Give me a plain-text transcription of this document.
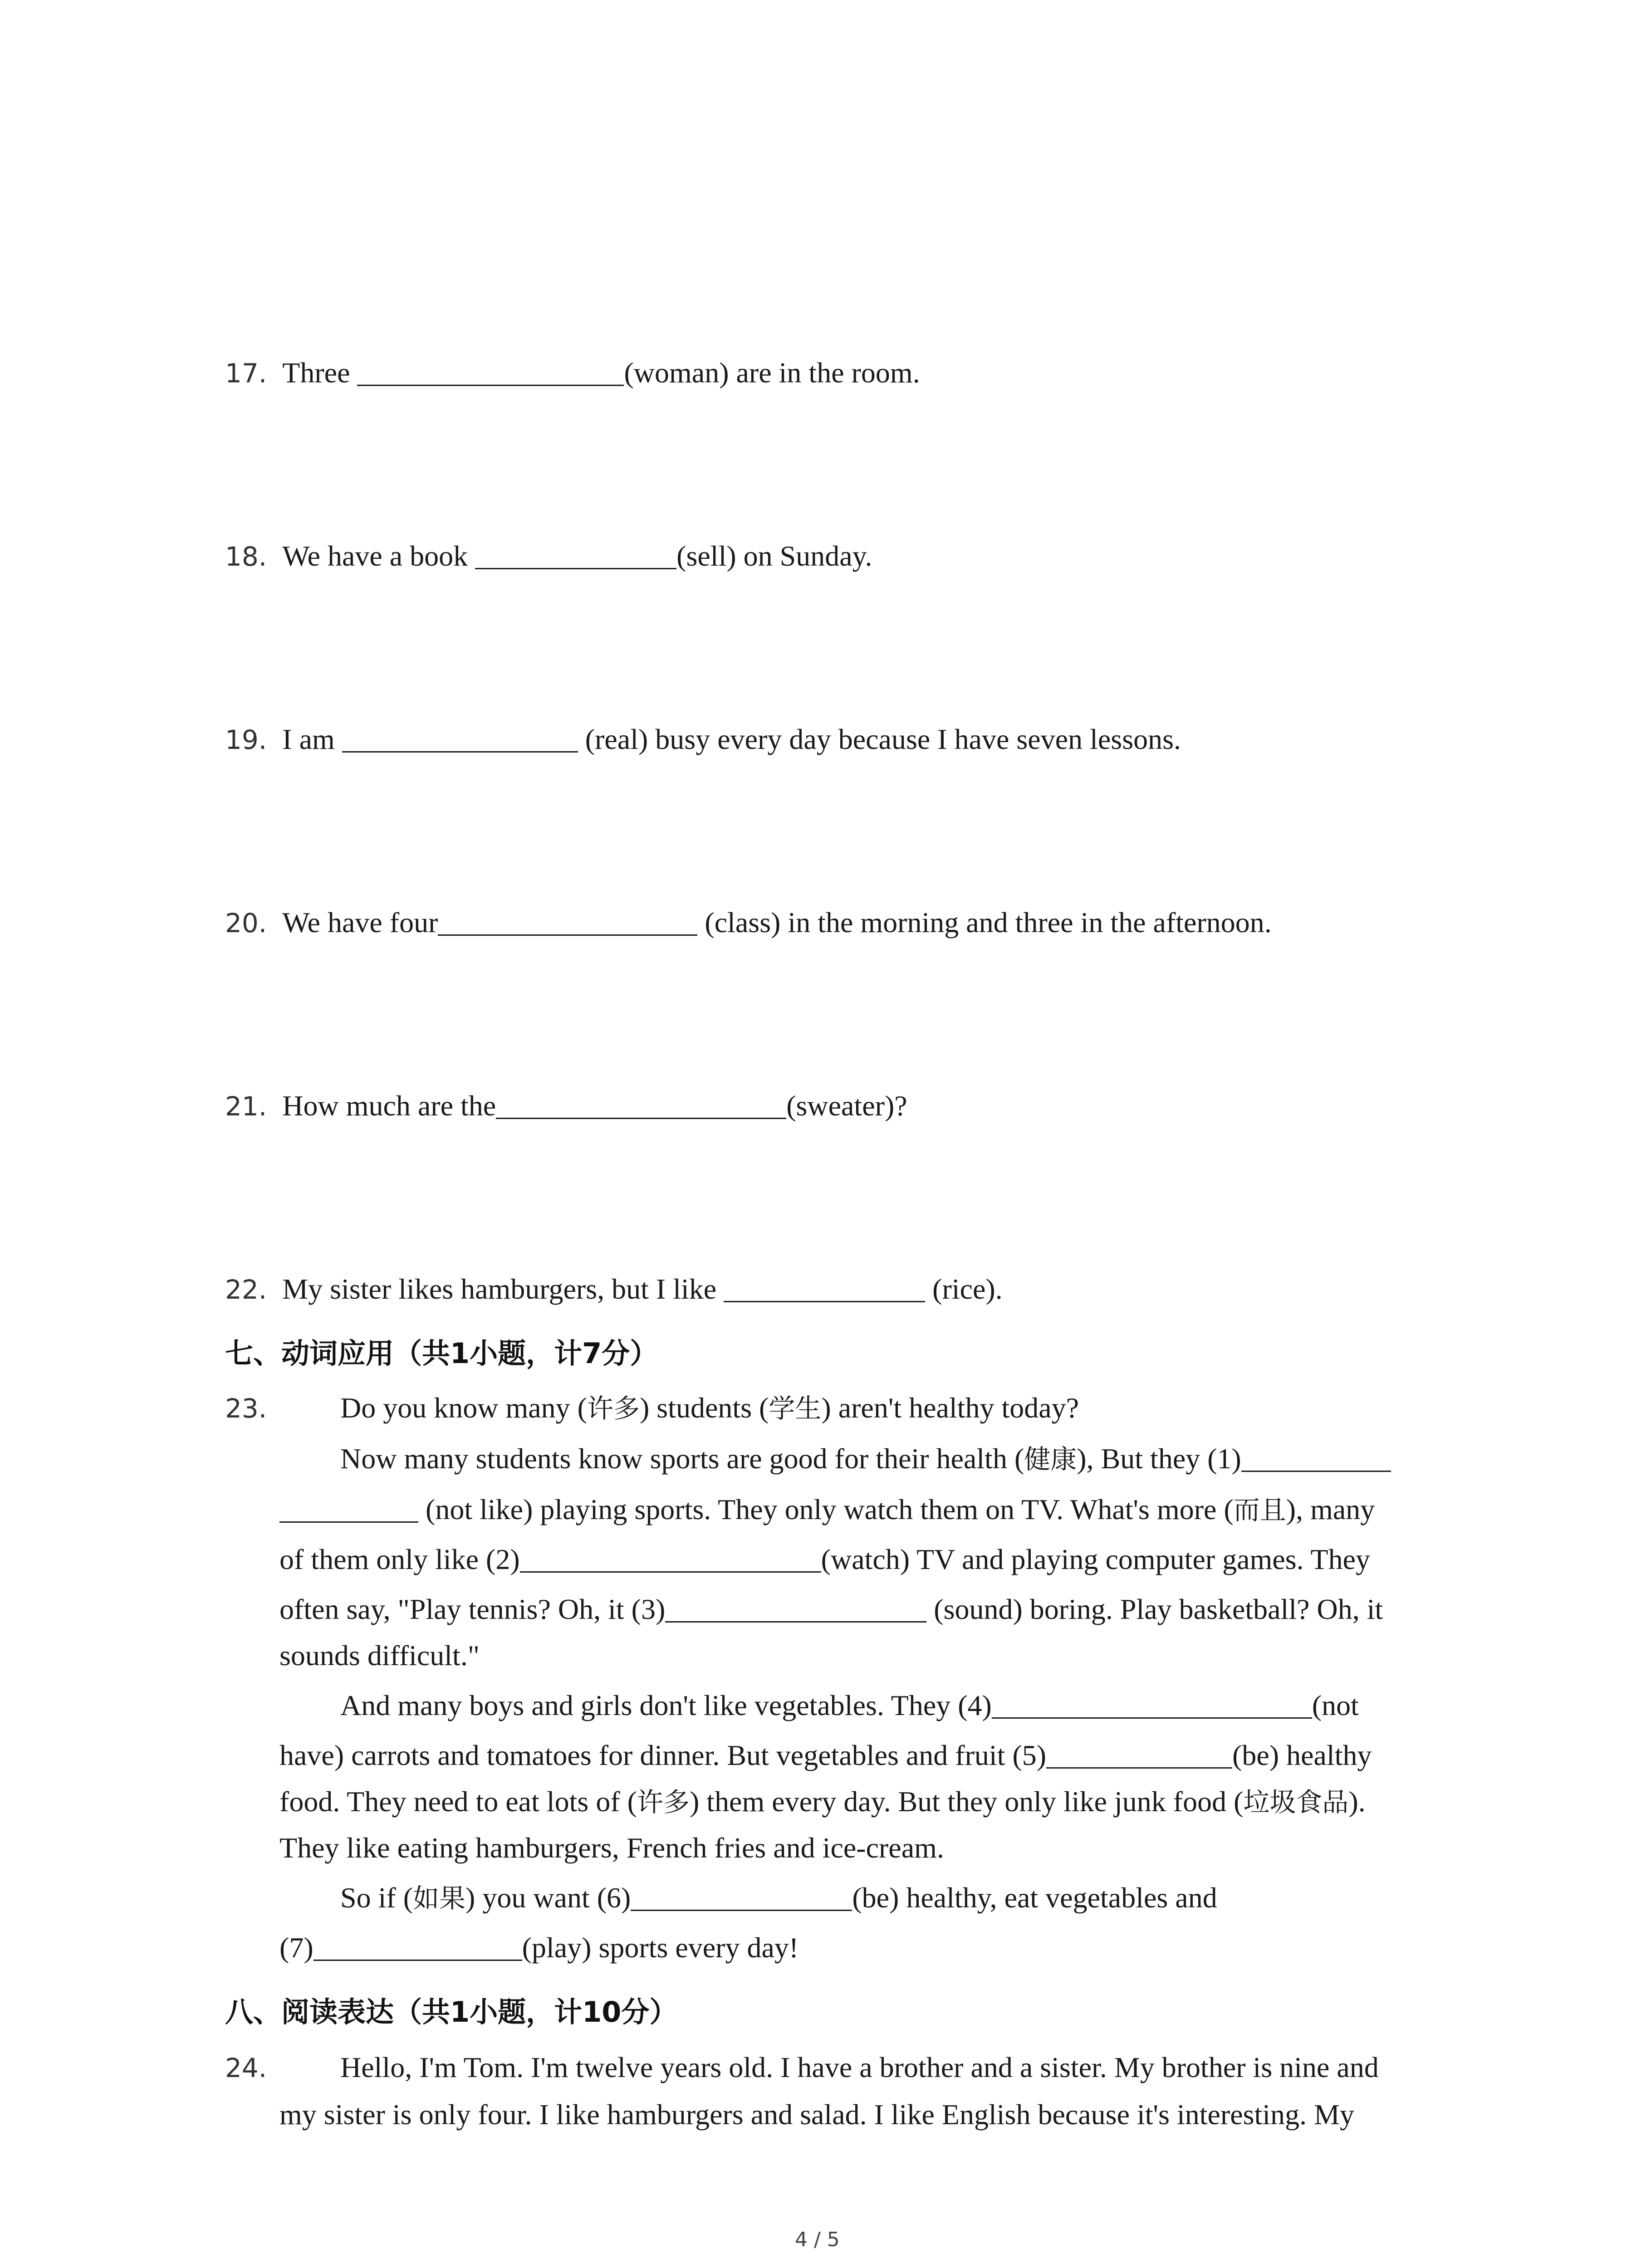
17. Three	(woman) are in the room.
18. We have a book	(sell) on Sunday.
19. I am	(real) busy every day because I have seven lessons.
20. We have four	(class) in the morning and three in the afternoon.
21. How much are the	(sweater)?
22. My sister likes hamburgers, but I like	(rice).
七、动词应用（共1小题，计7分）
23.	Do you know many (许多) students (学生) aren't healthy today?
Now many students know sports are good for their health (健康), But they (1)
(not like) playing sports. They only watch them on TV. What's more (而且), many
of them only like (2)	(watch) TV and playing computer games. They
often say, "Play tennis? Oh, it (3)	(sound) boring. Play basketball? Oh, it
sounds difficult."
And many boys and girls don't like vegetables. They (4)	(not
have) carrots and tomatoes for dinner. But vegetables and fruit (5)	(be) healthy
food. They need to eat lots of (许多) them every day. But they only like junk food (垃圾食品).
They like eating hamburgers, French fries and ice-cream.
So if (如果) you want (6)	(be) healthy, eat vegetables and
(7)	(play) sports every day!
八、阅读表达（共1小题，计10分）
24.	Hello, I'm Tom. I'm twelve years old. I have a brother and a sister. My brother is nine and
my sister is only four. I like hamburgers and salad. I like English because it's interesting. My
4 / 5
